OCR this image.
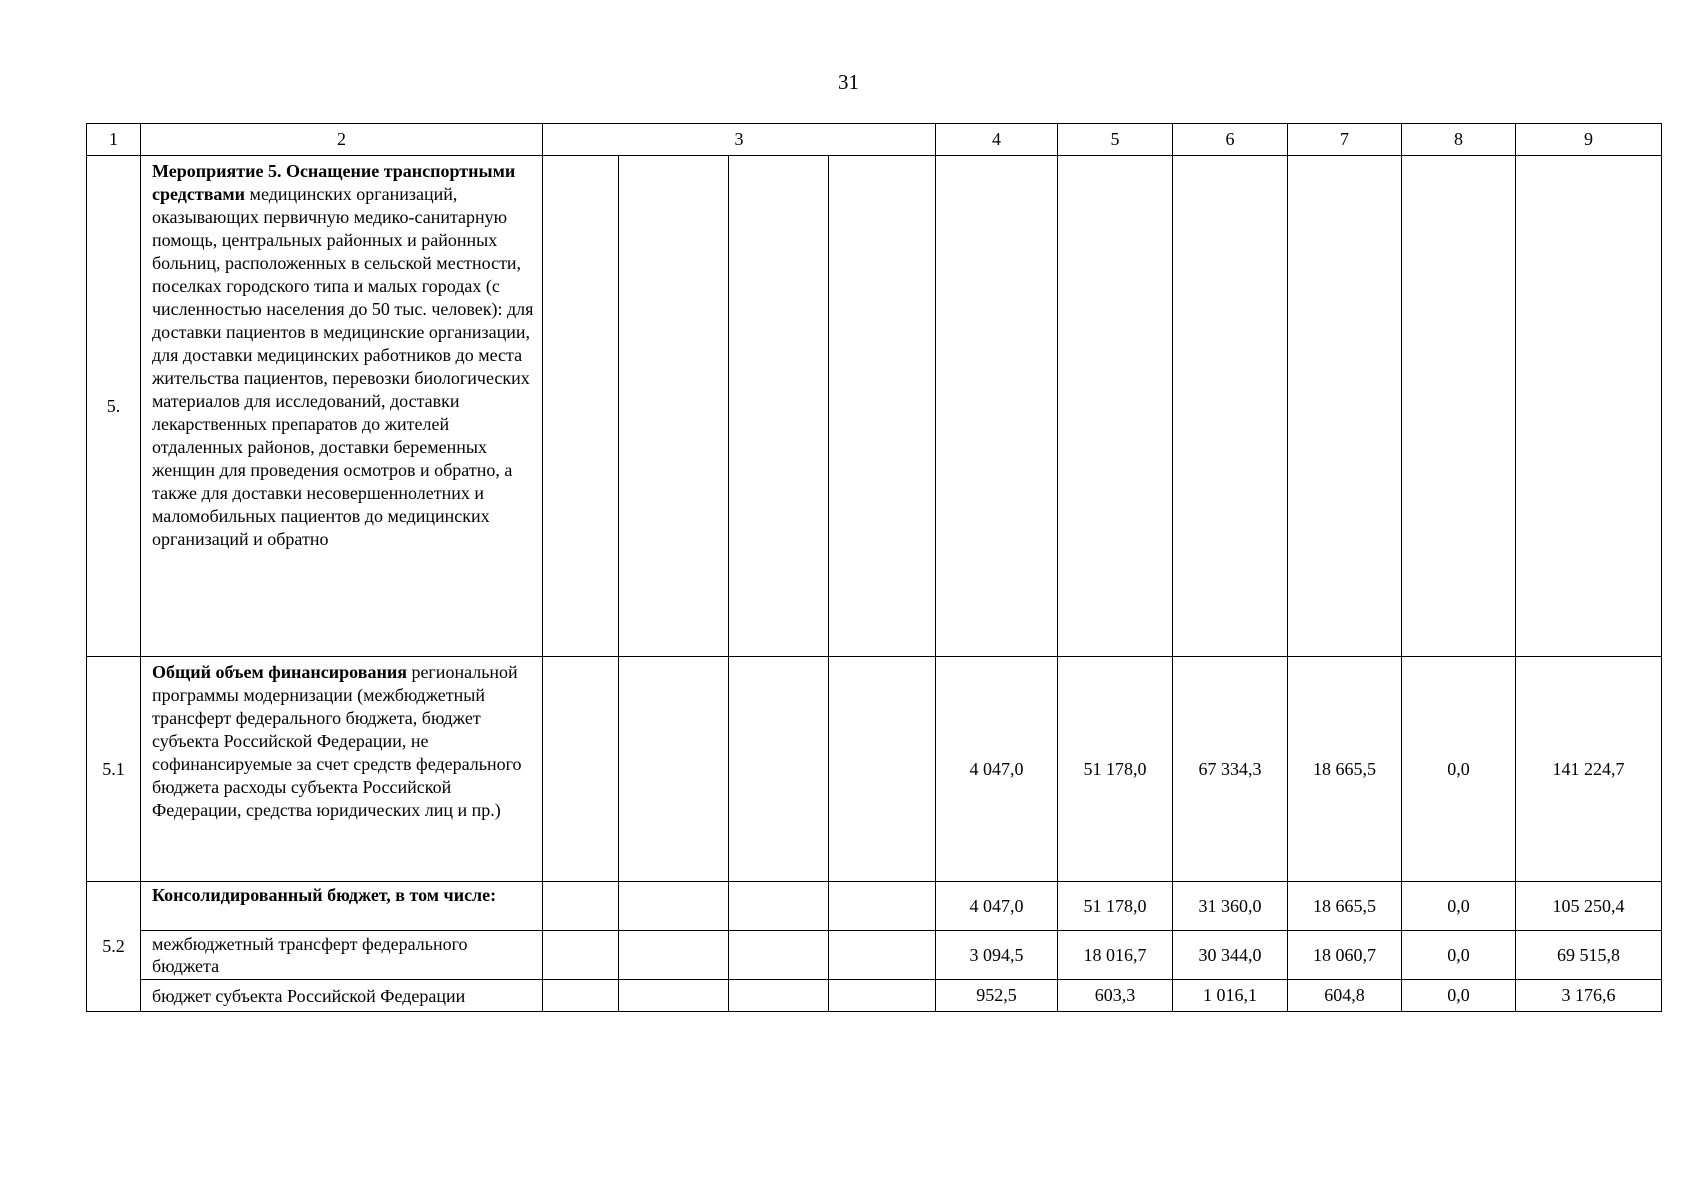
31
1	2	3				4	5	6	7	8	9
5.	Мероприятие 5. Оснащение транспортными средствами медицинских организаций, оказывающих первичную медико-санитарную помощь, центральных районных и районных больниц, расположенных в сельской местности, поселках городского типа и малых городах (с численностью населения до 50 тыс. человек): для доставки пациентов в медицинские организации, для доставки медицинских работников до места жительства пациентов, перевозки биологических материалов для исследований, доставки лекарственных препаратов до жителей отдаленных районов, доставки беременных женщин для проведения осмотров и обратно, а также для доставки несовершеннолетних и маломобильных пациентов до медицинских организаций и обратно										
5.1	Общий объем финансирования региональной программы модернизации (межбюджетный трансферт федерального бюджета, бюджет субъекта Российской Федерации, не софинансируемые за счет средств федерального бюджета расходы субъекта Российской Федерации, средства юридических лиц и пр.)					4 047,0	51 178,0	67 334,3	18 665,5	0,0	141 224,7
5.2	Консолидированный бюджет, в том числе:					4 047,0	51 178,0	31 360,0	18 665,5	0,0	105 250,4
	межбюджетный трансферт федерального бюджета					3 094,5	18 016,7	30 344,0	18 060,7	0,0	69 515,8
	бюджет субъекта Российской Федерации					952,5	603,3	1 016,1	604,8	0,0	3 176,6
